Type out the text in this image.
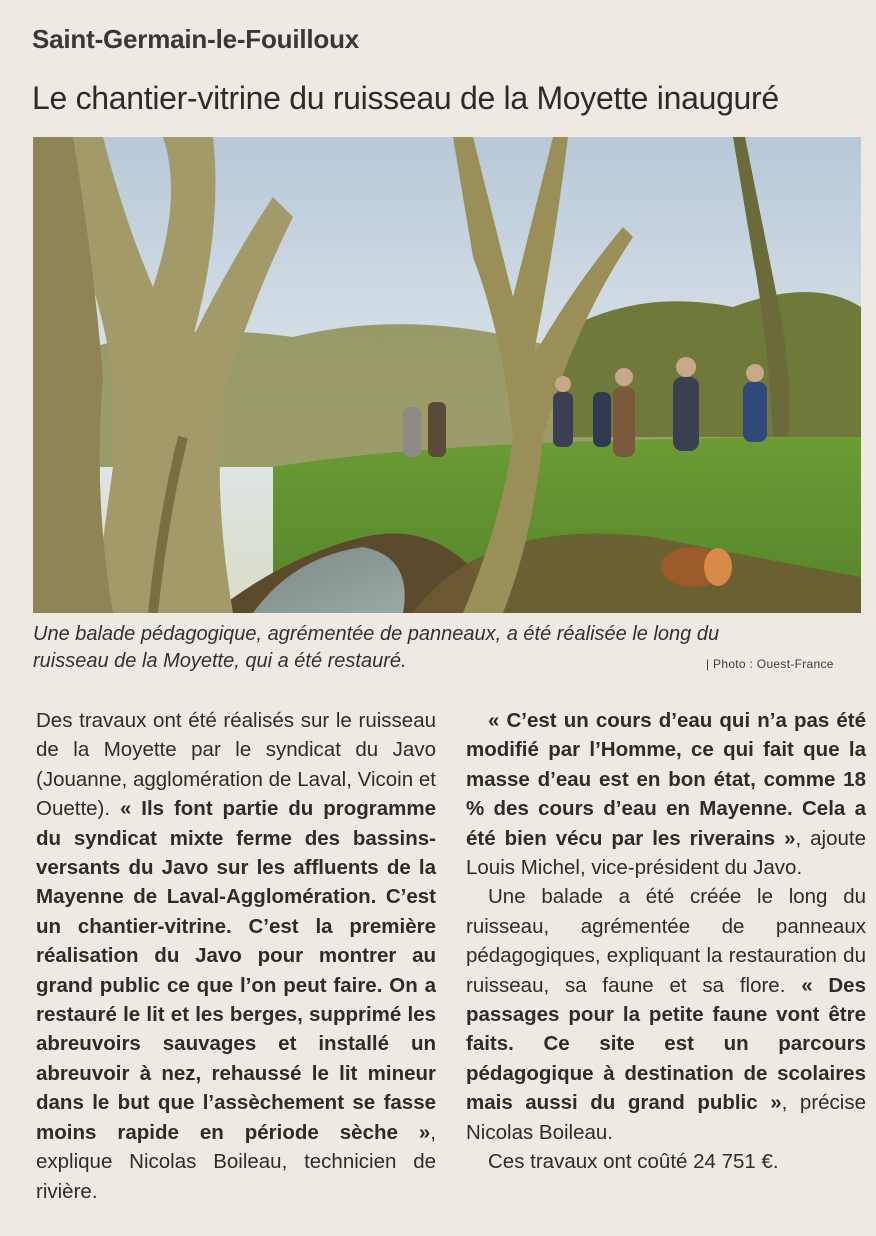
Saint-Germain-le-Fouilloux
Le chantier-vitrine du ruisseau de la Moyette inauguré
Une balade pédagogique, agrémentée de panneaux, a été réalisée le long du ruisseau de la Moyette, qui a été restauré.	| Photo : Ouest-France

Des travaux ont été réalisés sur le ruisseau de la Moyette par le syndicat du Javo (Jouanne, agglomération de Laval, Vicoin et Ouette). « Ils font partie du programme du syndicat mixte ferme des bassins-versants du Javo sur les affluents de la Mayenne de Laval-Agglomération. C’est un chantier-vitrine. C’est la première réalisation du Javo pour montrer au grand public ce que l’on peut faire. On a restauré le lit et les berges, supprimé les abreuvoirs sauvages et installé un abreuvoir à nez, rehaussé le lit mineur dans le but que l’assèchement se fasse moins rapide en période sèche », explique Nicolas Boileau, technicien de rivière.

« C’est un cours d’eau qui n’a pas été modifié par l’Homme, ce qui fait que la masse d’eau est en bon état, comme 18 % des cours d’eau en Mayenne. Cela a été bien vécu par les riverains », ajoute Louis Michel, vice-président du Javo.

Une balade a été créée le long du ruisseau, agrémentée de panneaux pédagogiques, expliquant la restauration du ruisseau, sa faune et sa flore. « Des passages pour la petite faune vont être faits. Ce site est un parcours pédagogique à destination de scolaires mais aussi du grand public », précise Nicolas Boileau.

Ces travaux ont coûté 24 751 €.
